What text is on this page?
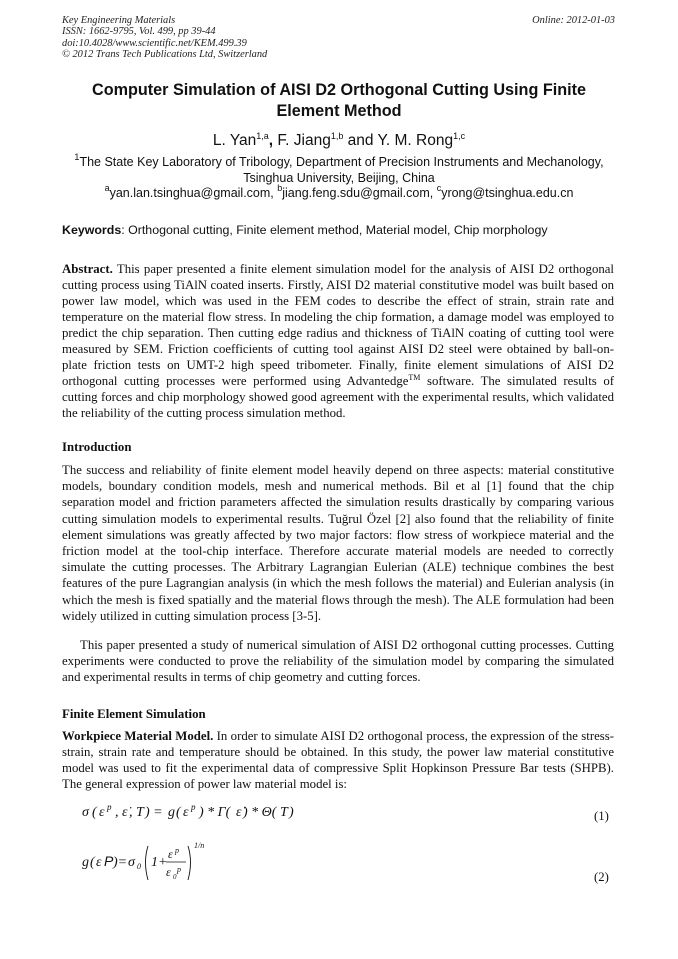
Key Engineering Materials
ISSN: 1662-9795, Vol. 499, pp 39-44
doi:10.4028/www.scientific.net/KEM.499.39
© 2012 Trans Tech Publications Ltd, Switzerland
Online: 2012-01-03
Computer Simulation of AISI D2 Orthogonal Cutting Using Finite Element Method
L. Yan$^{1,a}$, F. Jiang$^{1,b}$ and Y. M. Rong$^{1,c}$
$^1$The State Key Laboratory of Tribology, Department of Precision Instruments and Mechanology, Tsinghua University, Beijing, China
$^a$yan.lan.tsinghua@gmail.com, $^b$jiang.feng.sdu@gmail.com, $^c$yrong@tsinghua.edu.cn
Keywords: Orthogonal cutting, Finite element method, Material model, Chip morphology
Abstract. This paper presented a finite element simulation model for the analysis of AISI D2 orthogonal cutting process using TiAlN coated inserts. Firstly, AISI D2 material constitutive model was built based on power law model, which was used in the FEM codes to describe the effect of strain, strain rate and temperature on the material flow stress. In modeling the chip formation, a damage model was employed to predict the chip separation. Then cutting edge radius and thickness of TiAlN coating of cutting tool were measured by SEM. Friction coefficients of cutting tool against AISI D2 steel were obtained by ball-on-plate friction tests on UMT-2 high speed tribometer. Finally, finite element simulations of AISI D2 orthogonal cutting processes were performed using Advantedge™ software. The simulated results of cutting forces and chip morphology showed good agreement with the experimental results, which validated the reliability of the cutting process simulation method.
Introduction
The success and reliability of finite element model heavily depend on three aspects: material constitutive models, boundary condition models, mesh and numerical methods. Bil et al [1] found that the chip separation model and friction parameters affected the simulation results drastically by comparing various cutting simulation models to experimental results. Tuğrul Özel [2] also found that the reliability of finite element simulations was greatly affected by two major factors: flow stress of workpiece material and the friction model at the tool-chip interface. Therefore accurate material models are needed to correctly simulate the cutting processes. The Arbitrary Lagrangian Eulerian (ALE) technique combines the best features of the pure Lagrangian analysis (in which the mesh follows the material) and Eulerian analysis (in which the mesh is fixed spatially and the material flows through the mesh). The ALE formulation had been widely utilized in cutting simulation process [3-5].
This paper presented a study of numerical simulation of AISI D2 orthogonal cutting processes. Cutting experiments were conducted to prove the reliability of the simulation model by comparing the simulated and experimental results in terms of chip geometry and cutting forces.
Finite Element Simulation
Workpiece Material Model. In order to simulate AISI D2 orthogonal process, the expression of the stress-strain, strain rate and temperature should be obtained. In this study, the power law material constitutive model was used to fit the experimental data of compressive Split Hopkinson Pressure Bar tests (SHPB). The general expression of power law material model is:
σ ( ε p , ε̇ , T ) = g ( ε p ) * Γ( ε̇ ) * Θ( T )	(1)
g ( ε P )= σ 0 1+
ε p
ε 0
p
1/n
(2)
